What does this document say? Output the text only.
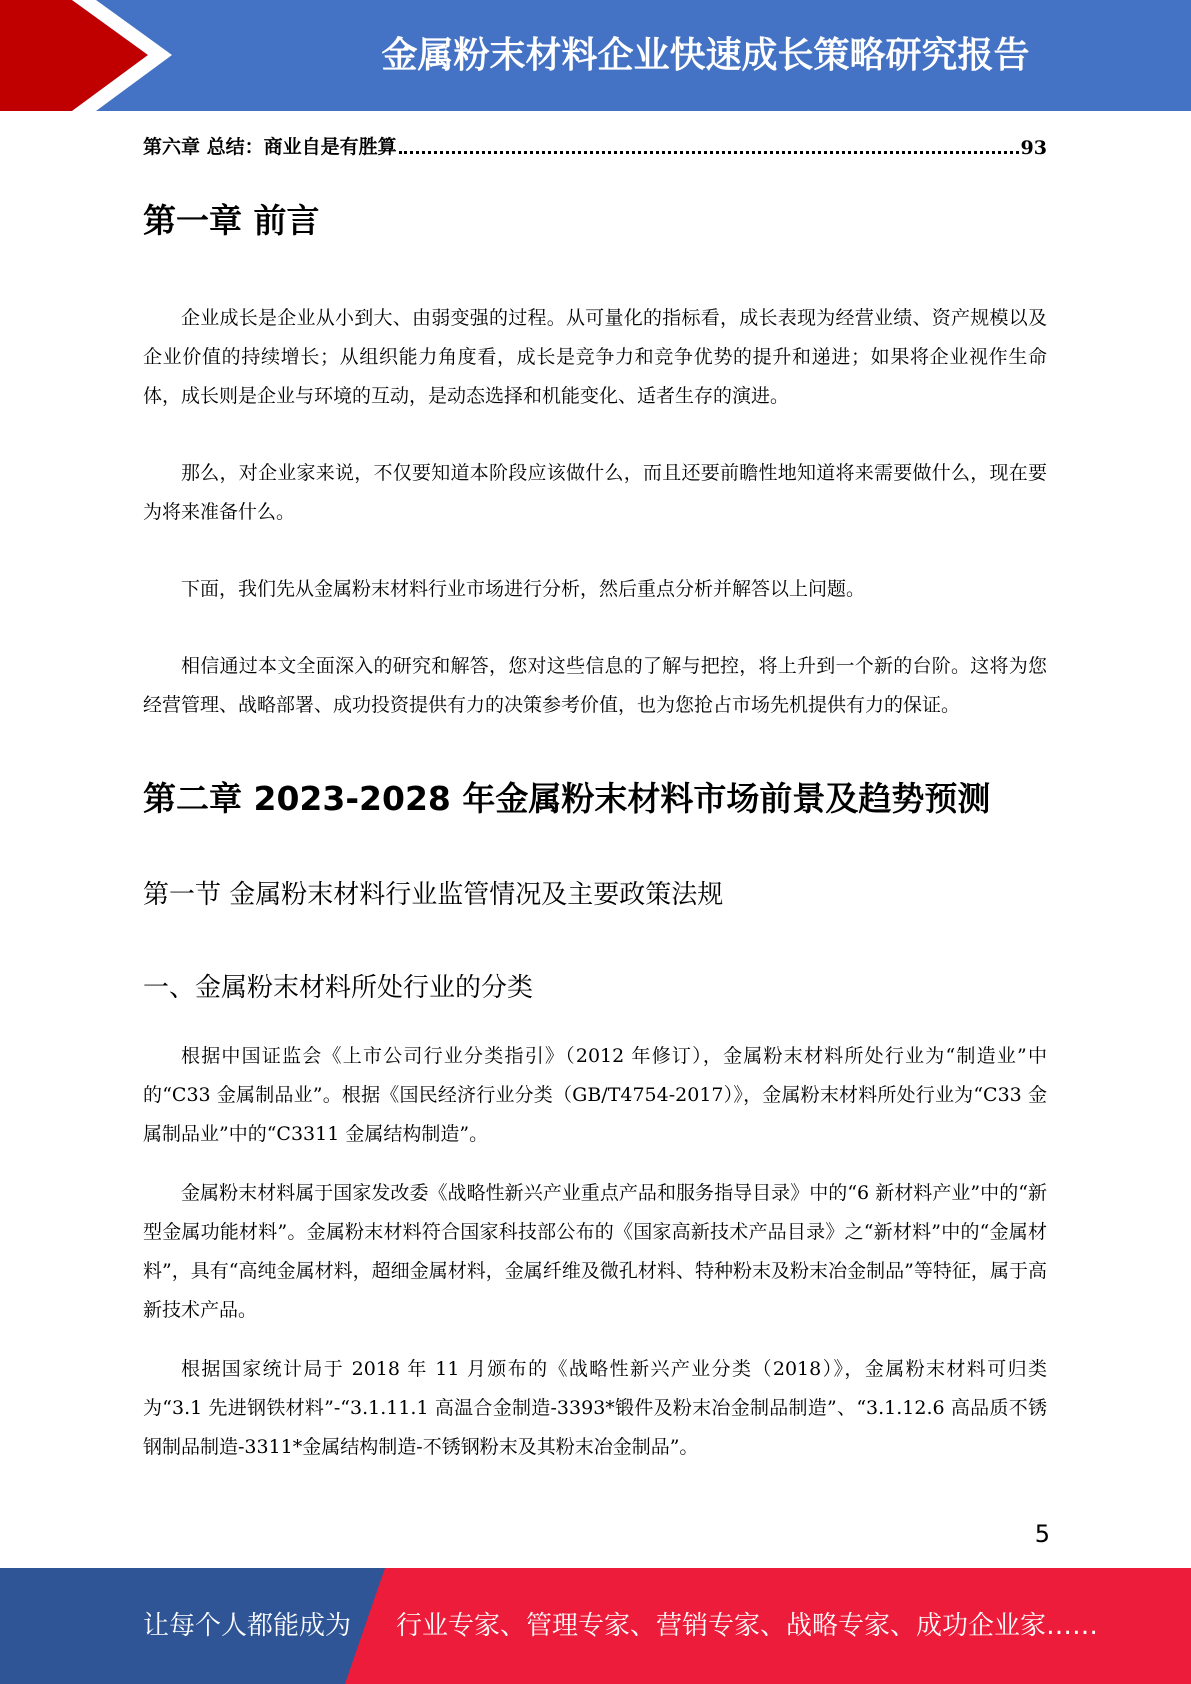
金属粉末材料企业快速成长策略研究报告
第六章 总结：商业自是有胜算	93
第一章 前言

企业成长是企业从小到大、由弱变强的过程。从可量化的指标看，成长表现为经营业绩、资产规模以及企业价值的持续增长；从组织能力角度看，成长是竞争力和竞争优势的提升和递进；如果将企业视作生命体，成长则是企业与环境的互动，是动态选择和机能变化、适者生存的演进。

那么，对企业家来说，不仅要知道本阶段应该做什么，而且还要前瞻性地知道将来需要做什么，现在要为将来准备什么。

下面，我们先从金属粉末材料行业市场进行分析，然后重点分析并解答以上问题。

相信通过本文全面深入的研究和解答，您对这些信息的了解与把控，将上升到一个新的台阶。这将为您经营管理、战略部署、成功投资提供有力的决策参考价值，也为您抢占市场先机提供有力的保证。

第二章 2023-2028 年金属粉末材料市场前景及趋势预测
第一节 金属粉末材料行业监管情况及主要政策法规
一、金属粉末材料所处行业的分类

根据中国证监会《上市公司行业分类指引》（2012 年修订），金属粉末材料所处行业为“制造业”中的“C33 金属制品业”。根据《国民经济行业分类（GB/T4754-2017）》，金属粉末材料所处行业为“C33 金属制品业”中的“C3311 金属结构制造”。

金属粉末材料属于国家发改委《战略性新兴产业重点产品和服务指导目录》中的“6 新材料产业”中的“新型金属功能材料”。金属粉末材料符合国家科技部公布的《国家高新技术产品目录》之“新材料”中的“金属材料”，具有“高纯金属材料，超细金属材料，金属纤维及微孔材料、特种粉末及粉末冶金制品”等特征，属于高新技术产品。

根据国家统计局于 2018 年 11 月颁布的《战略性新兴产业分类（2018）》，金属粉末材料可归类为“3.1 先进钢铁材料”-“3.1.11.1 高温合金制造-3393*锻件及粉末冶金制品制造”、“3.1.12.6 高品质不锈钢制品制造-3311*金属结构制造-不锈钢粉末及其粉末冶金制品”。

5
让每个人都能成为 行业专家、管理专家、营销专家、战略专家、成功企业家……
